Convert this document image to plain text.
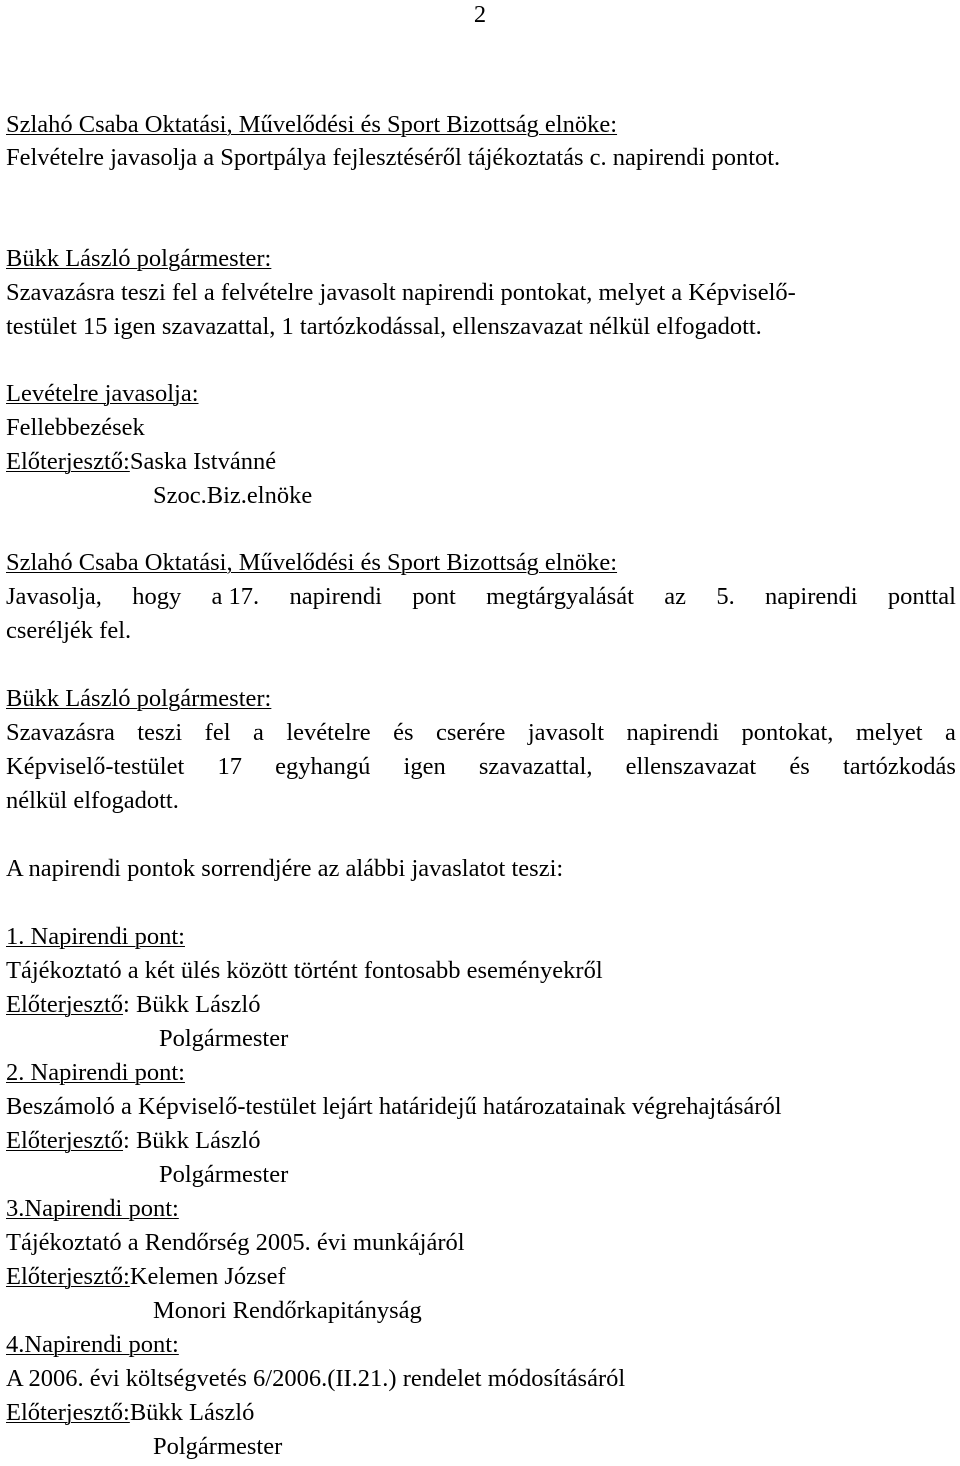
2
Szlahó Csaba Oktatási, Művelődési és Sport Bizottság elnöke:
Felvételre javasolja a Sportpálya fejlesztéséről tájékoztatás c. napirendi pontot.
Bükk László polgármester:
Szavazásra teszi fel a felvételre javasolt napirendi pontokat, melyet a Képviselő-
testület 15 igen szavazattal, 1 tartózkodással, ellenszavazat nélkül elfogadott.
Levételre javasolja:
Fellebbezések
Előterjesztő:Saska Istvánné
Szoc.Biz.elnöke
Szlahó Csaba Oktatási, Művelődési és Sport Bizottság elnöke:
Javasolja, hogy a 17. napirendi pont megtárgyalását az 5. napirendi ponttal
cseréljék fel.
Bükk László polgármester:
Szavazásra teszi fel a levételre és cserére javasolt napirendi pontokat, melyet a
Képviselő-testület 17 egyhangú igen szavazattal, ellenszavazat és tartózkodás
nélkül elfogadott.
A napirendi pontok sorrendjére az alábbi javaslatot teszi:
1. Napirendi pont:
Tájékoztató a két ülés között történt fontosabb eseményekről
Előterjesztő: Bükk László
Polgármester
2. Napirendi pont:
Beszámoló a Képviselő-testület lejárt határidejű határozatainak végrehajtásáról
Előterjesztő: Bükk László
Polgármester
3.Napirendi pont:
Tájékoztató a Rendőrség 2005. évi munkájáról
Előterjesztő:Kelemen József
Monori Rendőrkapitányság
4.Napirendi pont:
A 2006. évi költségvetés 6/2006.(II.21.) rendelet módosításáról
Előterjesztő:Bükk László
Polgármester
